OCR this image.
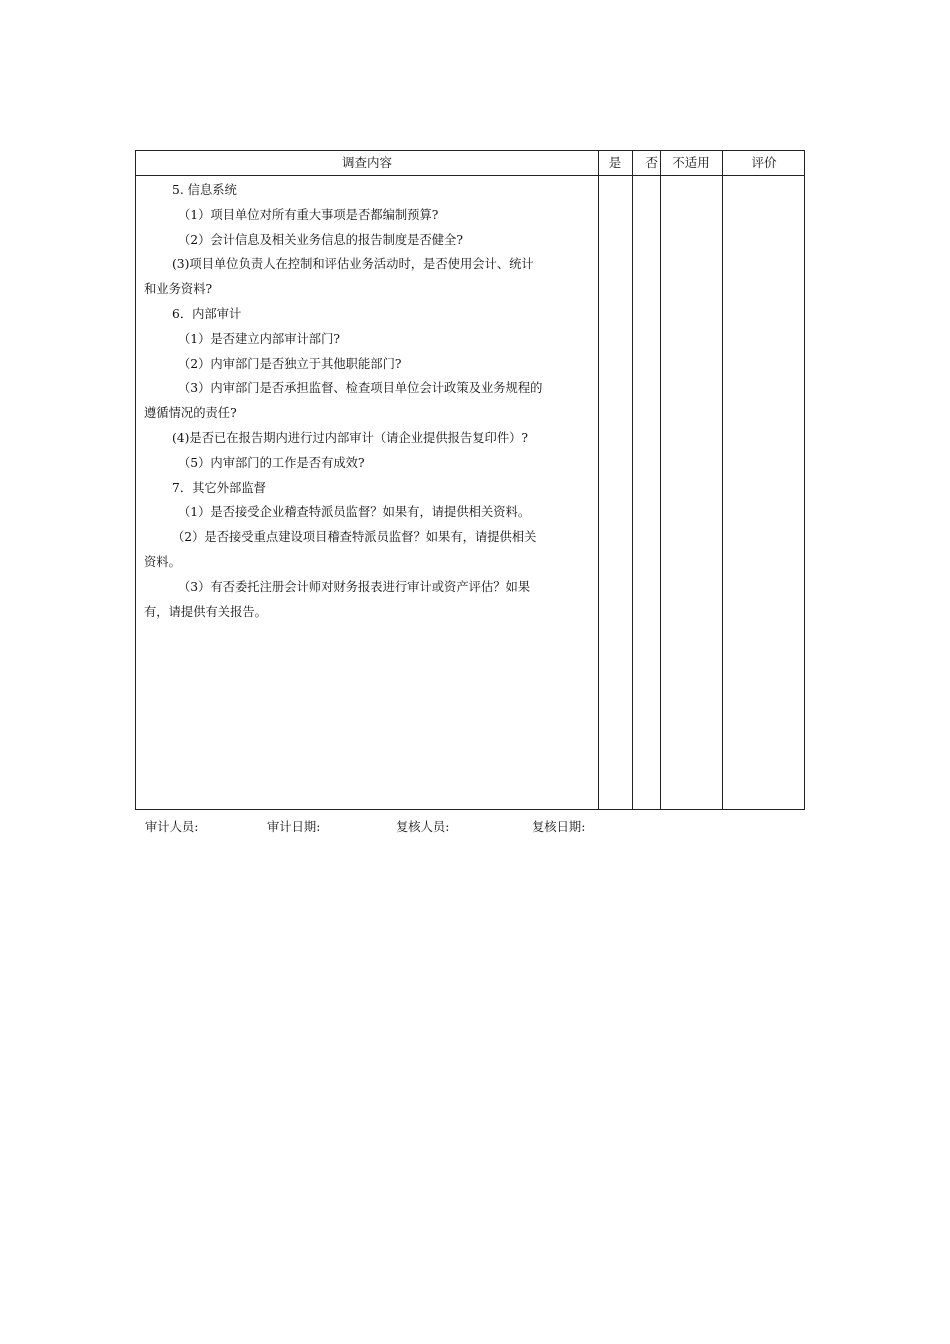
调查内容	是	否	不适用	评价
5. 信息系统
（1）项目单位对所有重大事项是否都编制预算?
（2）会计信息及相关业务信息的报告制度是否健全?
(3)项目单位负责人在控制和评估业务活动时，是否使用会计、统计
和业务资料?
6．内部审计
（1）是否建立内部审计部门?
（2）内审部门是否独立于其他职能部门?
（3）内审部门是否承担监督、检查项目单位会计政策及业务规程的
遵循情况的责任?
(4)是否已在报告期内进行过内部审计（请企业提供报告复印件）?
（5）内审部门的工作是否有成效?
7．其它外部监督
（1）是否接受企业稽查特派员监督？如果有，请提供相关资料。
（2）是否接受重点建设项目稽查特派员监督？如果有，请提供相关
资料。
（3）有否委托注册会计师对财务报表进行审计或资产评估？如果
有，请提供有关报告。
审计人员:	审计日期:	复核人员:	复核日期:
